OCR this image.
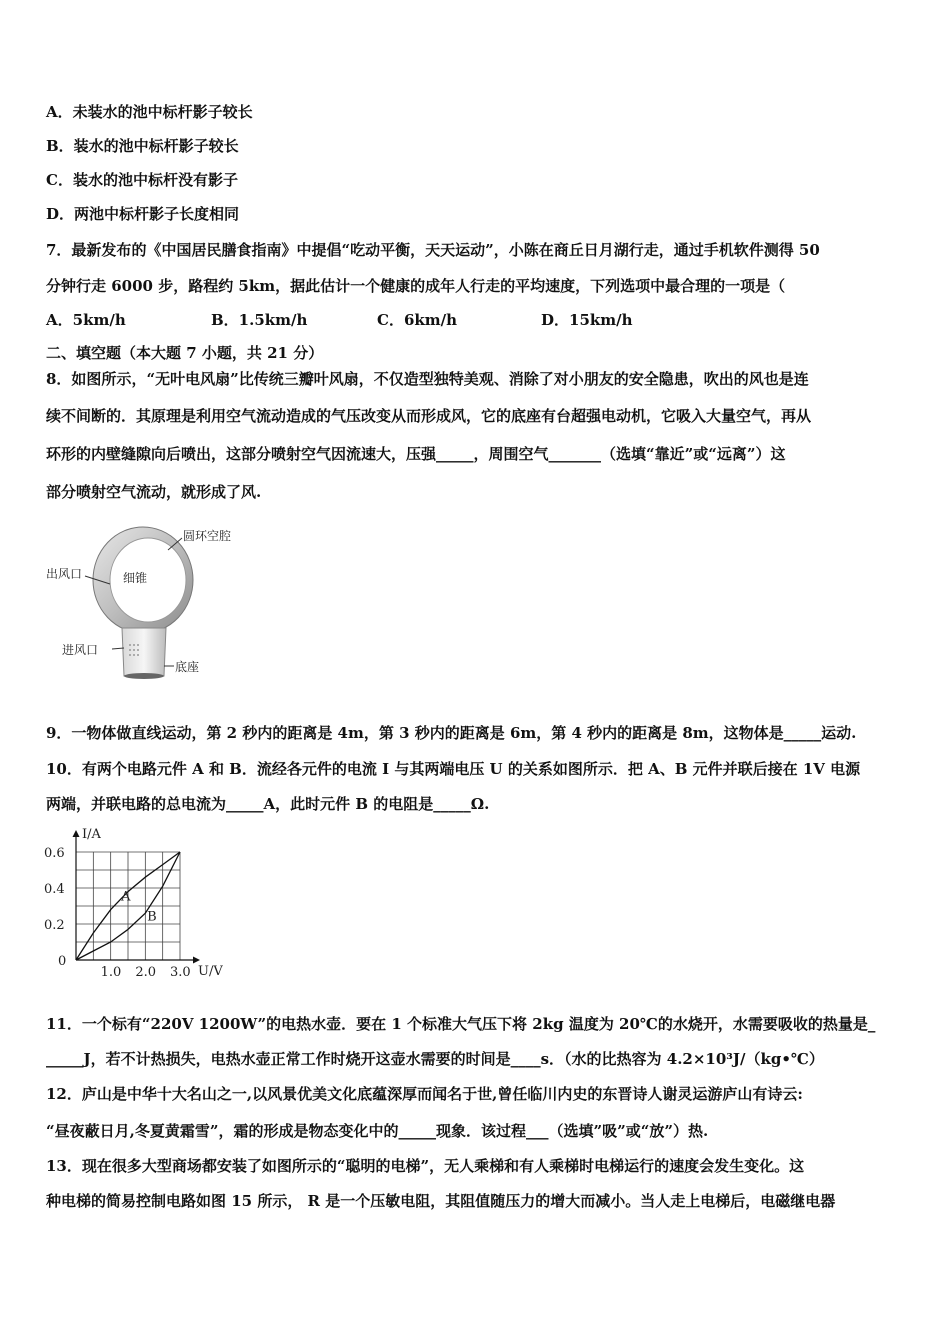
A．未装水的池中标杆影子较长
B．装水的池中标杆影子较长
C．装水的池中标杆没有影子
D．两池中标杆影子长度相同
7．最新发布的《中国居民膳食指南》中提倡“吃动平衡，天天运动”，小陈在商丘日月湖行走，通过手机软件测得 50
分钟行走 6000 步，路程约 5km，据此估计一个健康的成年人行走的平均速度，下列选项中最合理的一项是（
A．5km/h	B．1.5km/h	C．6km/h	D．15km/h
二、填空题（本大题 7 小题，共 21 分）
8．如图所示，“无叶电风扇”比传统三瓣叶风扇，不仅造型独特美观、消除了对小朋友的安全隐患，吹出的风也是连
续不间断的．其原理是利用空气流动造成的气压改变从而形成风，它的底座有台超强电动机，它吸入大量空气，再从
环形的内壁缝隙向后喷出，这部分喷射空气因流速大，压强_____，周围空气_______（选填“靠近”或“远离”）这
部分喷射空气流动，就形成了风.
圆环空腔
出风口	细锥
进风口
底座
9．一物体做直线运动，第 2 秒内的距离是 4m，第 3 秒内的距离是 6m，第 4 秒内的距离是 8m，这物体是_____运动.
10．有两个电路元件 A 和 B．流经各元件的电流 I 与其两端电压 U 的关系如图所示．把 A、B 元件并联后接在 1V 电源
两端，并联电路的总电流为_____A，此时元件 B 的电阻是_____Ω.
A
B
1.0 2.0 3.0
0.2
0.4
0.6
0
U/V
I/A
11．一个标有“220V 1200W”的电热水壶．要在 1 个标准大气压下将 2kg 温度为 20℃的水烧开，水需要吸收的热量是_
_____J，若不计热损失，电热水壶正常工作时烧开这壶水需要的时间是____s．（水的比热容为 4.2×10³J/（kg•℃）
12．庐山是中华十大名山之一,以风景优美文化底蕴深厚而闻名于世,曾任临川内史的东晋诗人谢灵运游庐山有诗云:
“昼夜蔽日月,冬夏黄霜雪”，霜的形成是物态变化中的_____现象．该过程___（选填”吸”或“放”）热.
13．现在很多大型商场都安装了如图所示的“聪明的电梯”，无人乘梯和有人乘梯时电梯运行的速度会发生变化。这
种电梯的简易控制电路如图 15 所示， R 是一个压敏电阻，其阻值随压力的增大而减小。当人走上电梯后，电磁继电器
